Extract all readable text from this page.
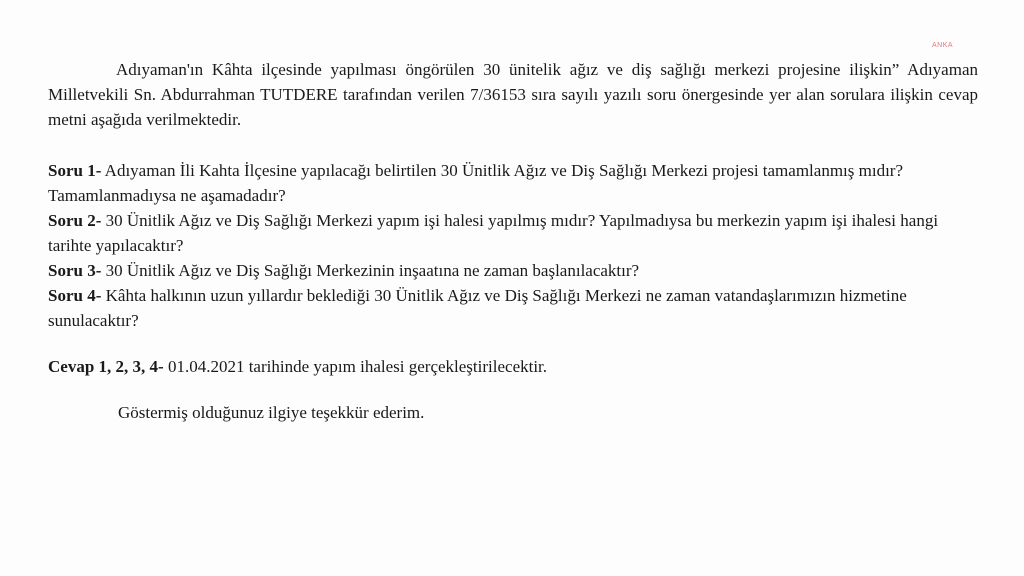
ANKA

Adıyaman'ın Kâhta ilçesinde yapılması öngörülen 30 ünitelik ağız ve diş sağlığı merkezi projesine ilişkin” Adıyaman Milletvekili Sn. Abdurrahman TUTDERE tarafından verilen 7/36153 sıra sayılı yazılı soru önergesinde yer alan sorulara ilişkin cevap metni aşağıda verilmektedir.

Soru 1- Adıyaman İli Kahta İlçesine yapılacağı belirtilen 30 Ünitlik Ağız ve Diş Sağlığı Merkezi projesi tamamlanmış mıdır? Tamamlanmadıysa ne aşamadadır?
Soru 2- 30 Ünitlik Ağız ve Diş Sağlığı Merkezi yapım işi halesi yapılmış mıdır? Yapılmadıysa bu merkezin yapım işi ihalesi hangi tarihte yapılacaktır?
Soru 3- 30 Ünitlik Ağız ve Diş Sağlığı Merkezinin inşaatına ne zaman başlanılacaktır?
Soru 4- Kâhta halkının uzun yıllardır beklediği 30 Ünitlik Ağız ve Diş Sağlığı Merkezi ne zaman vatandaşlarımızın hizmetine sunulacaktır?

Cevap 1, 2, 3, 4- 01.04.2021 tarihinde yapım ihalesi gerçekleştirilecektir.

Göstermiş olduğunuz ilgiye teşekkür ederim.
